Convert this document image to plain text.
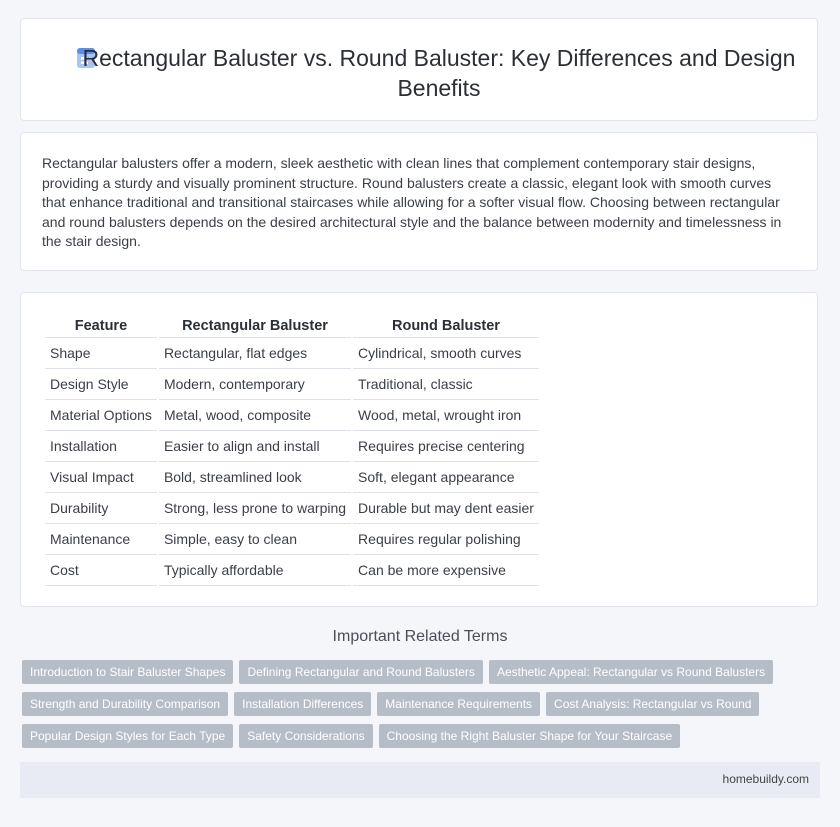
Rectangular Baluster vs. Round Baluster: Key Differences and Design Benefits

Rectangular balusters offer a modern, sleek aesthetic with clean lines that complement contemporary stair designs, providing a sturdy and visually prominent structure. Round balusters create a classic, elegant look with smooth curves that enhance traditional and transitional staircases while allowing for a softer visual flow. Choosing between rectangular and round balusters depends on the desired architectural style and the balance between modernity and timelessness in the stair design.

Feature	Rectangular Baluster	Round Baluster
Shape	Rectangular, flat edges	Cylindrical, smooth curves
Design Style	Modern, contemporary	Traditional, classic
Material Options	Metal, wood, composite	Wood, metal, wrought iron
Installation	Easier to align and install	Requires precise centering
Visual Impact	Bold, streamlined look	Soft, elegant appearance
Durability	Strong, less prone to warping	Durable but may dent easier
Maintenance	Simple, easy to clean	Requires regular polishing
Cost	Typically affordable	Can be more expensive
Important Related Terms
Introduction to Stair Baluster Shapes	Defining Rectangular and Round Balusters	Aesthetic Appeal: Rectangular vs Round Balusters
Strength and Durability Comparison	Installation Differences	Maintenance Requirements	Cost Analysis: Rectangular vs Round
Popular Design Styles for Each Type	Safety Considerations	Choosing the Right Baluster Shape for Your Staircase
homebuildy.com
